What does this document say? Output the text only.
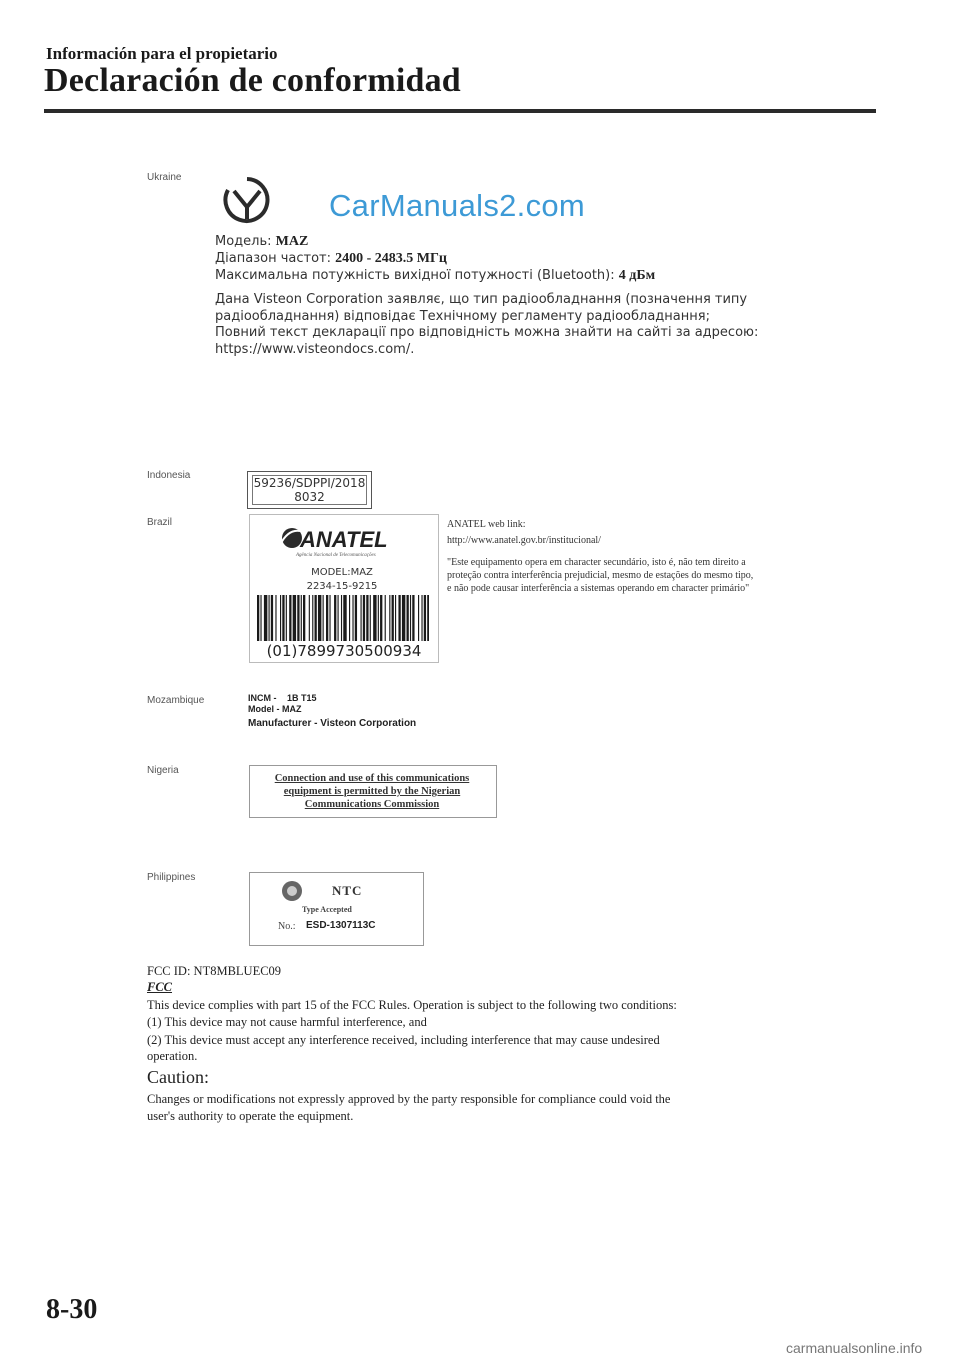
Información para el propietario
Declaración de conformidad
Ukraine
CarManuals2.com
Модель: MAZ
Діапазон частот: 2400 - 2483.5 МГц
Максимальна потужність вихідної потужності (Bluetooth): 4 дБм
Дана Visteon Corporation заявляє, що тип радіообладнання (позначення типу
радіообладнання) відповідає Технічному регламенту радіообладнання;
Повний текст декларації про відповідність можна знайти на сайті за адресою:
https://www.visteondocs.com/.
Indonesia
59236/SDPPI/2018
8032
Brazil
ANATEL
Agência Nacional de Telecomunicações
MODEL:MAZ
2234-15-9215
(01)7899730500934
ANATEL web link:
http://www.anatel.gov.br/institucional/
"Este equipamento opera em character secundário, isto é, não tem direito a
proteção contra interferência prejudicial, mesmo de estações do mesmo tipo,
e não pode causar interferência a sistemas operando em character primário"
Mozambique	INCM - 1B T15
Model - MAZ
Manufacturer - Visteon Corporation
Nigeria
Connection and use of this communications
equipment is permitted by the Nigerian
Communications Commission
Philippines
NTC
Type Accepted
No.: ESD-1307113C
FCC ID: NT8MBLUEC09
FCC
This device complies with part 15 of the FCC Rules. Operation is subject to the following two conditions:
(1) This device may not cause harmful interference, and
(2) This device must accept any interference received, including interference that may cause undesired
operation.
Caution:
Changes or modifications not expressly approved by the party responsible for compliance could void the
user's authority to operate the equipment.
8-30
carmanualsonline.info
